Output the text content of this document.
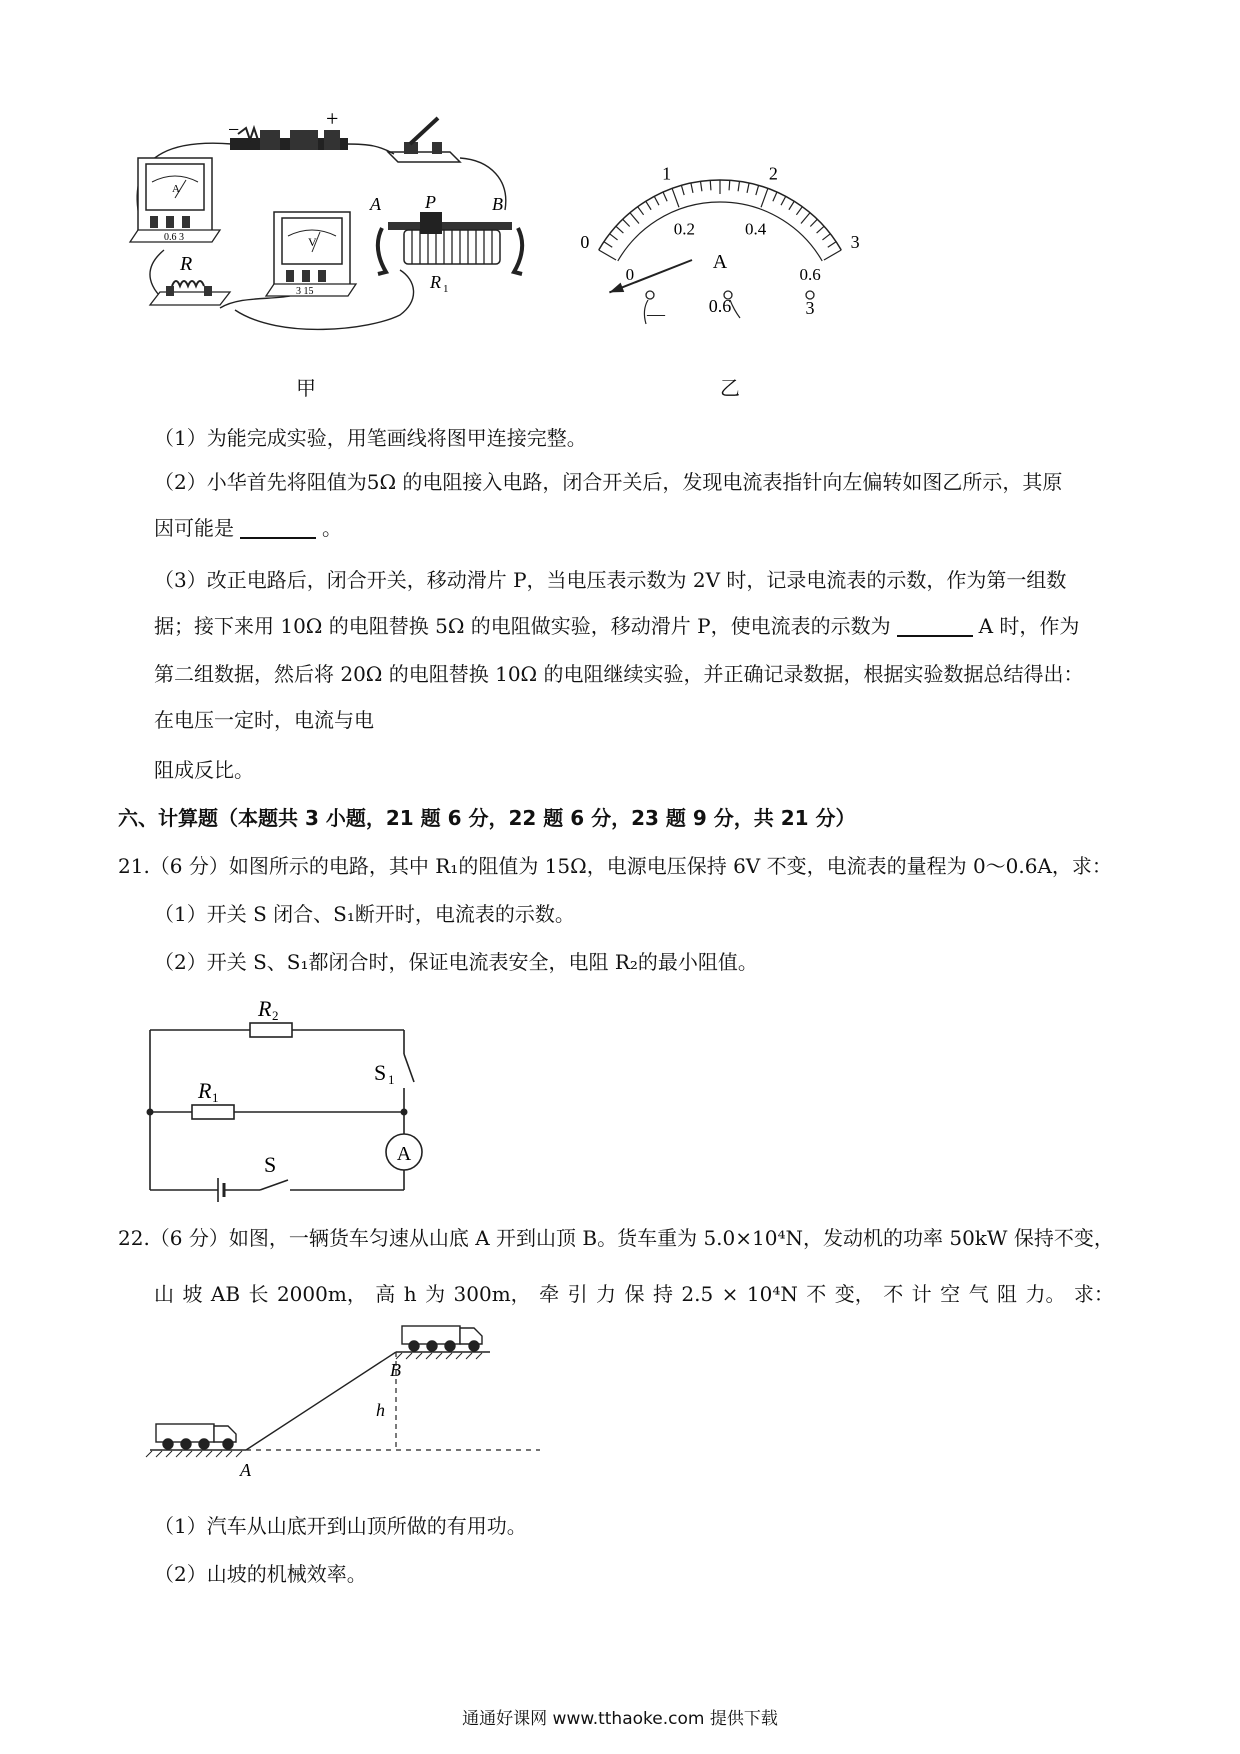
−	+
A
0.6 3
R
V
3 15
A P	B
R 1
甲
0
1	2
3
0
0.2	0.4
0.6
A
— 0.6	3
乙
（1）为能完成实验，用笔画线将图甲连接完整。
（2）小华首先将阻值为5Ω 的电阻接入电路，闭合开关后，发现电流表指针向左偏转如图乙所示，其原
因可能是	。
（3）改正电路后，闭合开关，移动滑片 P，当电压表示数为 2V 时，记录电流表的示数，作为第一组数
据；接下来用 10Ω 的电阻替换 5Ω 的电阻做实验，移动滑片 P，使电流表的示数为	A 时，作为
第二组数据，然后将 20Ω 的电阻替换 10Ω 的电阻继续实验，并正确记录数据，根据实验数据总结得出：
在电压一定时，电流与电
阻成反比。
六、计算题（本题共 3 小题，21 题 6 分，22 题 6 分，23 题 9 分，共 21 分）
21.（6 分）如图所示的电路，其中 R₁的阻值为 15Ω，电源电压保持 6V 不变，电流表的量程为 0～0.6A，求：
（1）开关 S 闭合、S₁断开时，电流表的示数。
（2）开关 S、S₁都闭合时，保证电流表安全，电阻 R₂的最小阻值。
R 2
R 1
S 1
S	A
22.（6 分）如图，一辆货车匀速从山底 A 开到山顶 B。货车重为 5.0×10⁴N，发动机的功率 50kW 保持不变，
山 坡 AB 长 2000m， 高 h 为 300m， 牵 引 力 保 持 2.5 × 10⁴N 不 变， 不 计 空 气 阻 力。 求：
A
B
h
（1）汽车从山底开到山顶所做的有用功。
（2）山坡的机械效率。
通通好课网 www.tthaoke.com 提供下载
